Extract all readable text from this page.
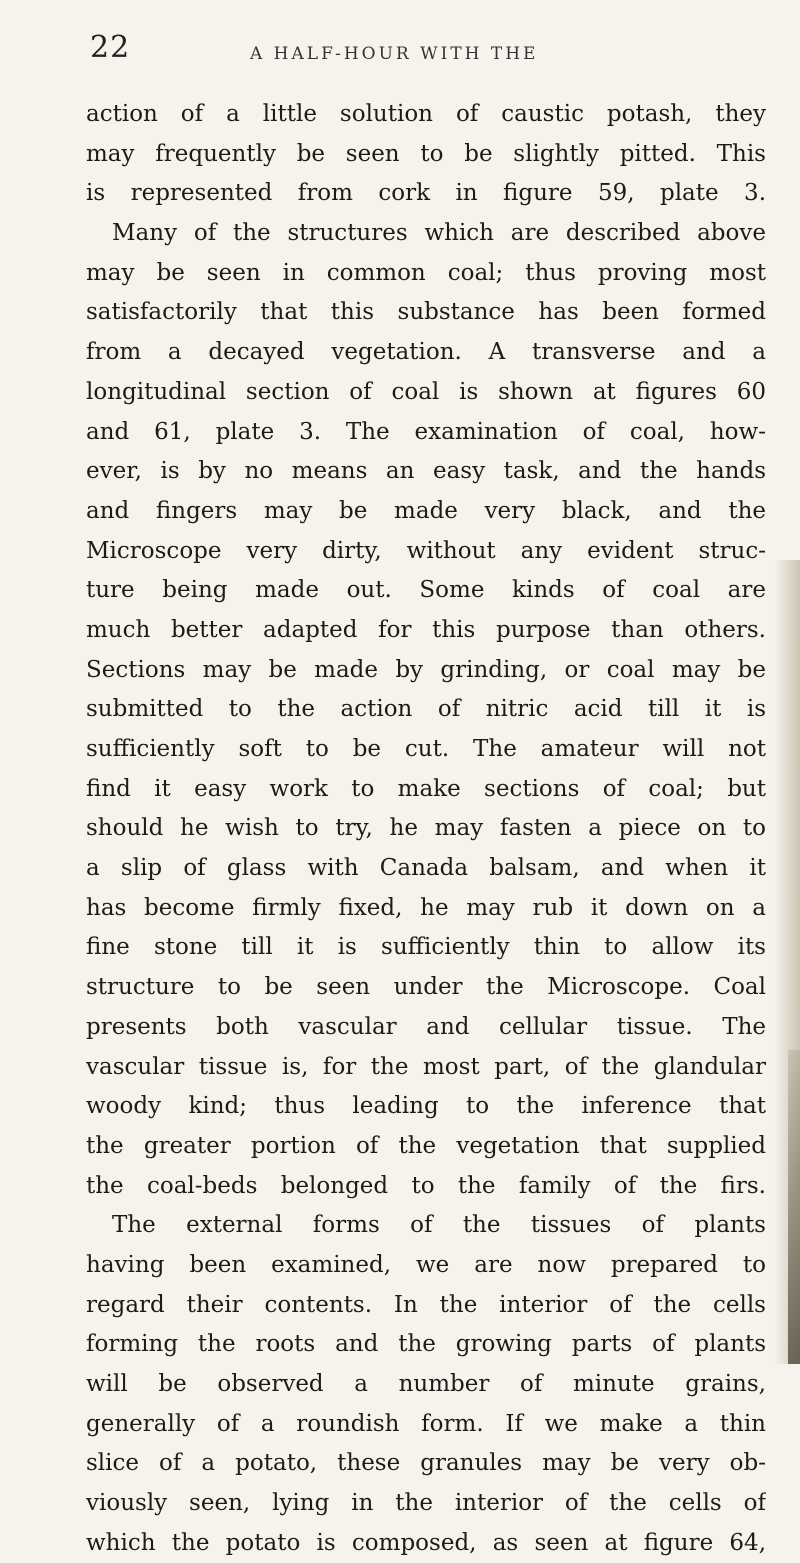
22	A HALF-HOUR WITH THE
action of a little solution of caustic potash, they
may frequently be seen to be slightly pitted. This
is represented from cork in figure 59, plate 3.
Many of the structures which are described above
may be seen in common coal; thus proving most
satisfactorily that this substance has been formed
from a decayed vegetation. A transverse and a
longitudinal section of coal is shown at figures 60
and 61, plate 3. The examination of coal, how-
ever, is by no means an easy task, and the hands
and fingers may be made very black, and the
Microscope very dirty, without any evident struc-
ture being made out. Some kinds of coal are
much better adapted for this purpose than others.
Sections may be made by grinding, or coal may be
submitted to the action of nitric acid till it is
sufficiently soft to be cut. The amateur will not
find it easy work to make sections of coal; but
should he wish to try, he may fasten a piece on to
a slip of glass with Canada balsam, and when it
has become firmly fixed, he may rub it down on a
fine stone till it is sufficiently thin to allow its
structure to be seen under the Microscope. Coal
presents both vascular and cellular tissue. The
vascular tissue is, for the most part, of the glandular
woody kind; thus leading to the inference that
the greater portion of the vegetation that supplied
the coal-beds belonged to the family of the firs.
The external forms of the tissues of plants
having been examined, we are now prepared to
regard their contents. In the interior of the cells
forming the roots and the growing parts of plants
will be observed a number of minute grains,
generally of a roundish form. If we make a thin
slice of a potato, these granules may be very ob-
viously seen, lying in the interior of the cells of
which the potato is composed, as seen at figure 64,
